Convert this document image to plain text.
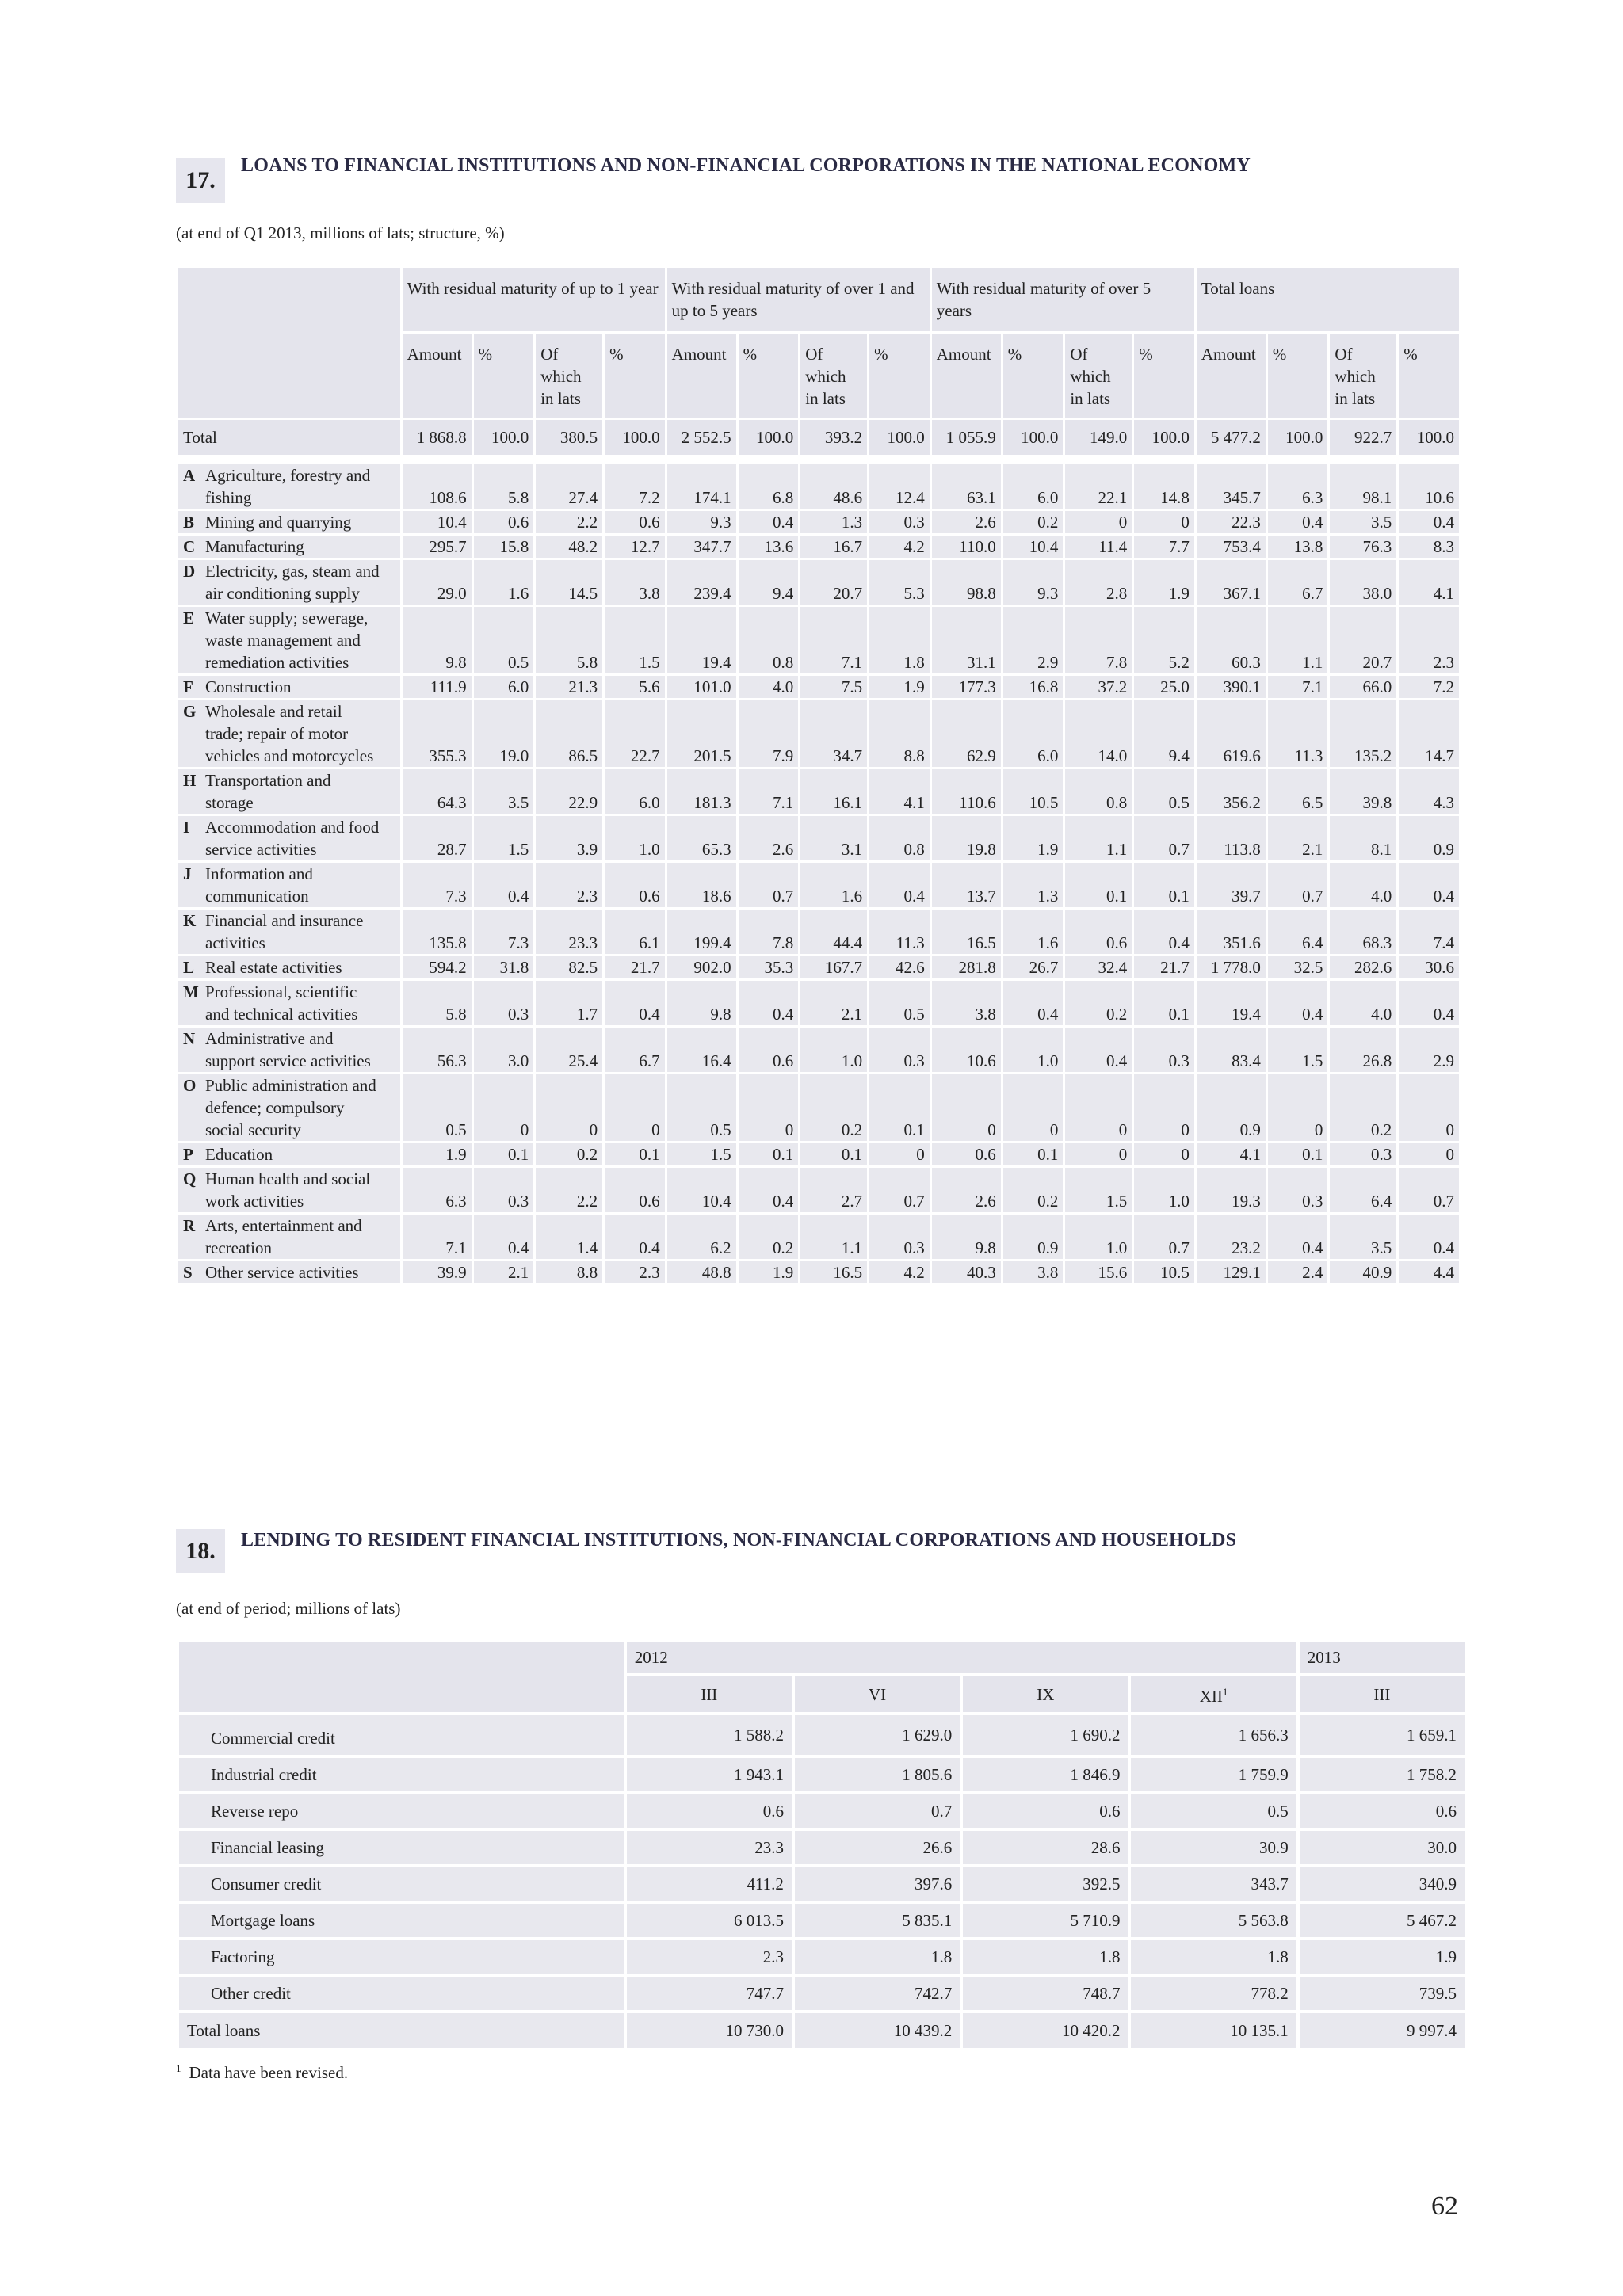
17.
LOANS TO FINANCIAL INSTITUTIONS AND NON-FINANCIAL CORPORATIONS IN THE NATIONAL ECONOMY
(at end of Q1 2013, millions of lats; structure, %)
	With residual maturity of up to 1 year				With residual maturity of over 1 and up to 5 years				With residual maturity of over 5 years				Total loans			
	Amount	%	Of which in lats	%	Amount	%	Of which in lats	%	Amount	%	Of which in lats	%	Amount	%	Of which in lats	%
Total	1 868.8	100.0	380.5	100.0	2 552.5	100.0	393.2	100.0	1 055.9	100.0	149.0	100.0	5 477.2	100.0	922.7	100.0

A Agriculture, forestry and fishing	108.6	5.8	27.4	7.2	174.1	6.8	48.6	12.4	63.1	6.0	22.1	14.8	345.7	6.3	98.1	10.6
B Mining and quarrying	10.4	0.6	2.2	0.6	9.3	0.4	1.3	0.3	2.6	0.2	0	0	22.3	0.4	3.5	0.4
C Manufacturing	295.7	15.8	48.2	12.7	347.7	13.6	16.7	4.2	110.0	10.4	11.4	7.7	753.4	13.8	76.3	8.3
D Electricity, gas, steam and air conditioning supply	29.0	1.6	14.5	3.8	239.4	9.4	20.7	5.3	98.8	9.3	2.8	1.9	367.1	6.7	38.0	4.1
E Water supply; sewerage, waste management and remediation activities	9.8	0.5	5.8	1.5	19.4	0.8	7.1	1.8	31.1	2.9	7.8	5.2	60.3	1.1	20.7	2.3
F Construction	111.9	6.0	21.3	5.6	101.0	4.0	7.5	1.9	177.3	16.8	37.2	25.0	390.1	7.1	66.0	7.2
G Wholesale and retail trade; repair of motor vehicles and motorcycles	355.3	19.0	86.5	22.7	201.5	7.9	34.7	8.8	62.9	6.0	14.0	9.4	619.6	11.3	135.2	14.7
H Transportation and storage	64.3	3.5	22.9	6.0	181.3	7.1	16.1	4.1	110.6	10.5	0.8	0.5	356.2	6.5	39.8	4.3
I Accommodation and food service activities	28.7	1.5	3.9	1.0	65.3	2.6	3.1	0.8	19.8	1.9	1.1	0.7	113.8	2.1	8.1	0.9
J Information and communication	7.3	0.4	2.3	0.6	18.6	0.7	1.6	0.4	13.7	1.3	0.1	0.1	39.7	0.7	4.0	0.4
K Financial and insurance activities	135.8	7.3	23.3	6.1	199.4	7.8	44.4	11.3	16.5	1.6	0.6	0.4	351.6	6.4	68.3	7.4
L Real estate activities	594.2	31.8	82.5	21.7	902.0	35.3	167.7	42.6	281.8	26.7	32.4	21.7	1 778.0	32.5	282.6	30.6
M Professional, scientific and technical activities	5.8	0.3	1.7	0.4	9.8	0.4	2.1	0.5	3.8	0.4	0.2	0.1	19.4	0.4	4.0	0.4
N Administrative and support service activities	56.3	3.0	25.4	6.7	16.4	0.6	1.0	0.3	10.6	1.0	0.4	0.3	83.4	1.5	26.8	2.9
O Public administration and defence; compulsory social security	0.5	0	0	0	0.5	0	0.2	0.1	0	0	0	0	0.9	0	0.2	0
P Education	1.9	0.1	0.2	0.1	1.5	0.1	0.1	0	0.6	0.1	0	0	4.1	0.1	0.3	0
Q Human health and social work activities	6.3	0.3	2.2	0.6	10.4	0.4	2.7	0.7	2.6	0.2	1.5	1.0	19.3	0.3	6.4	0.7
R Arts, entertainment and recreation	7.1	0.4	1.4	0.4	6.2	0.2	1.1	0.3	9.8	0.9	1.0	0.7	23.2	0.4	3.5	0.4
S Other service activities	39.9	2.1	8.8	2.3	48.8	1.9	16.5	4.2	40.3	3.8	15.6	10.5	129.1	2.4	40.9	4.4
18.	LENDING TO RESIDENT FINANCIAL INSTITUTIONS, NON-FINANCIAL CORPORATIONS AND HOUSEHOLDS
(at end of period; millions of lats)
	2012				2013
	III	VI	IX	XII$^1$	III
Commercial credit	1 588.2	1 629.0	1 690.2	1 656.3	1 659.1
Industrial credit	1 943.1	1 805.6	1 846.9	1 759.9	1 758.2
Reverse repo	0.6	0.7	0.6	0.5	0.6
Financial leasing	23.3	26.6	28.6	30.9	30.0
Consumer credit	411.2	397.6	392.5	343.7	340.9
Mortgage loans	6 013.5	5 835.1	5 710.9	5 563.8	5 467.2
Factoring	2.3	1.8	1.8	1.8	1.9
Other credit	747.7	742.7	748.7	778.2	739.5
Total loans	10 730.0	10 439.2	10 420.2	10 135.1	9 997.4
$^1$ Data have been revised.
62
